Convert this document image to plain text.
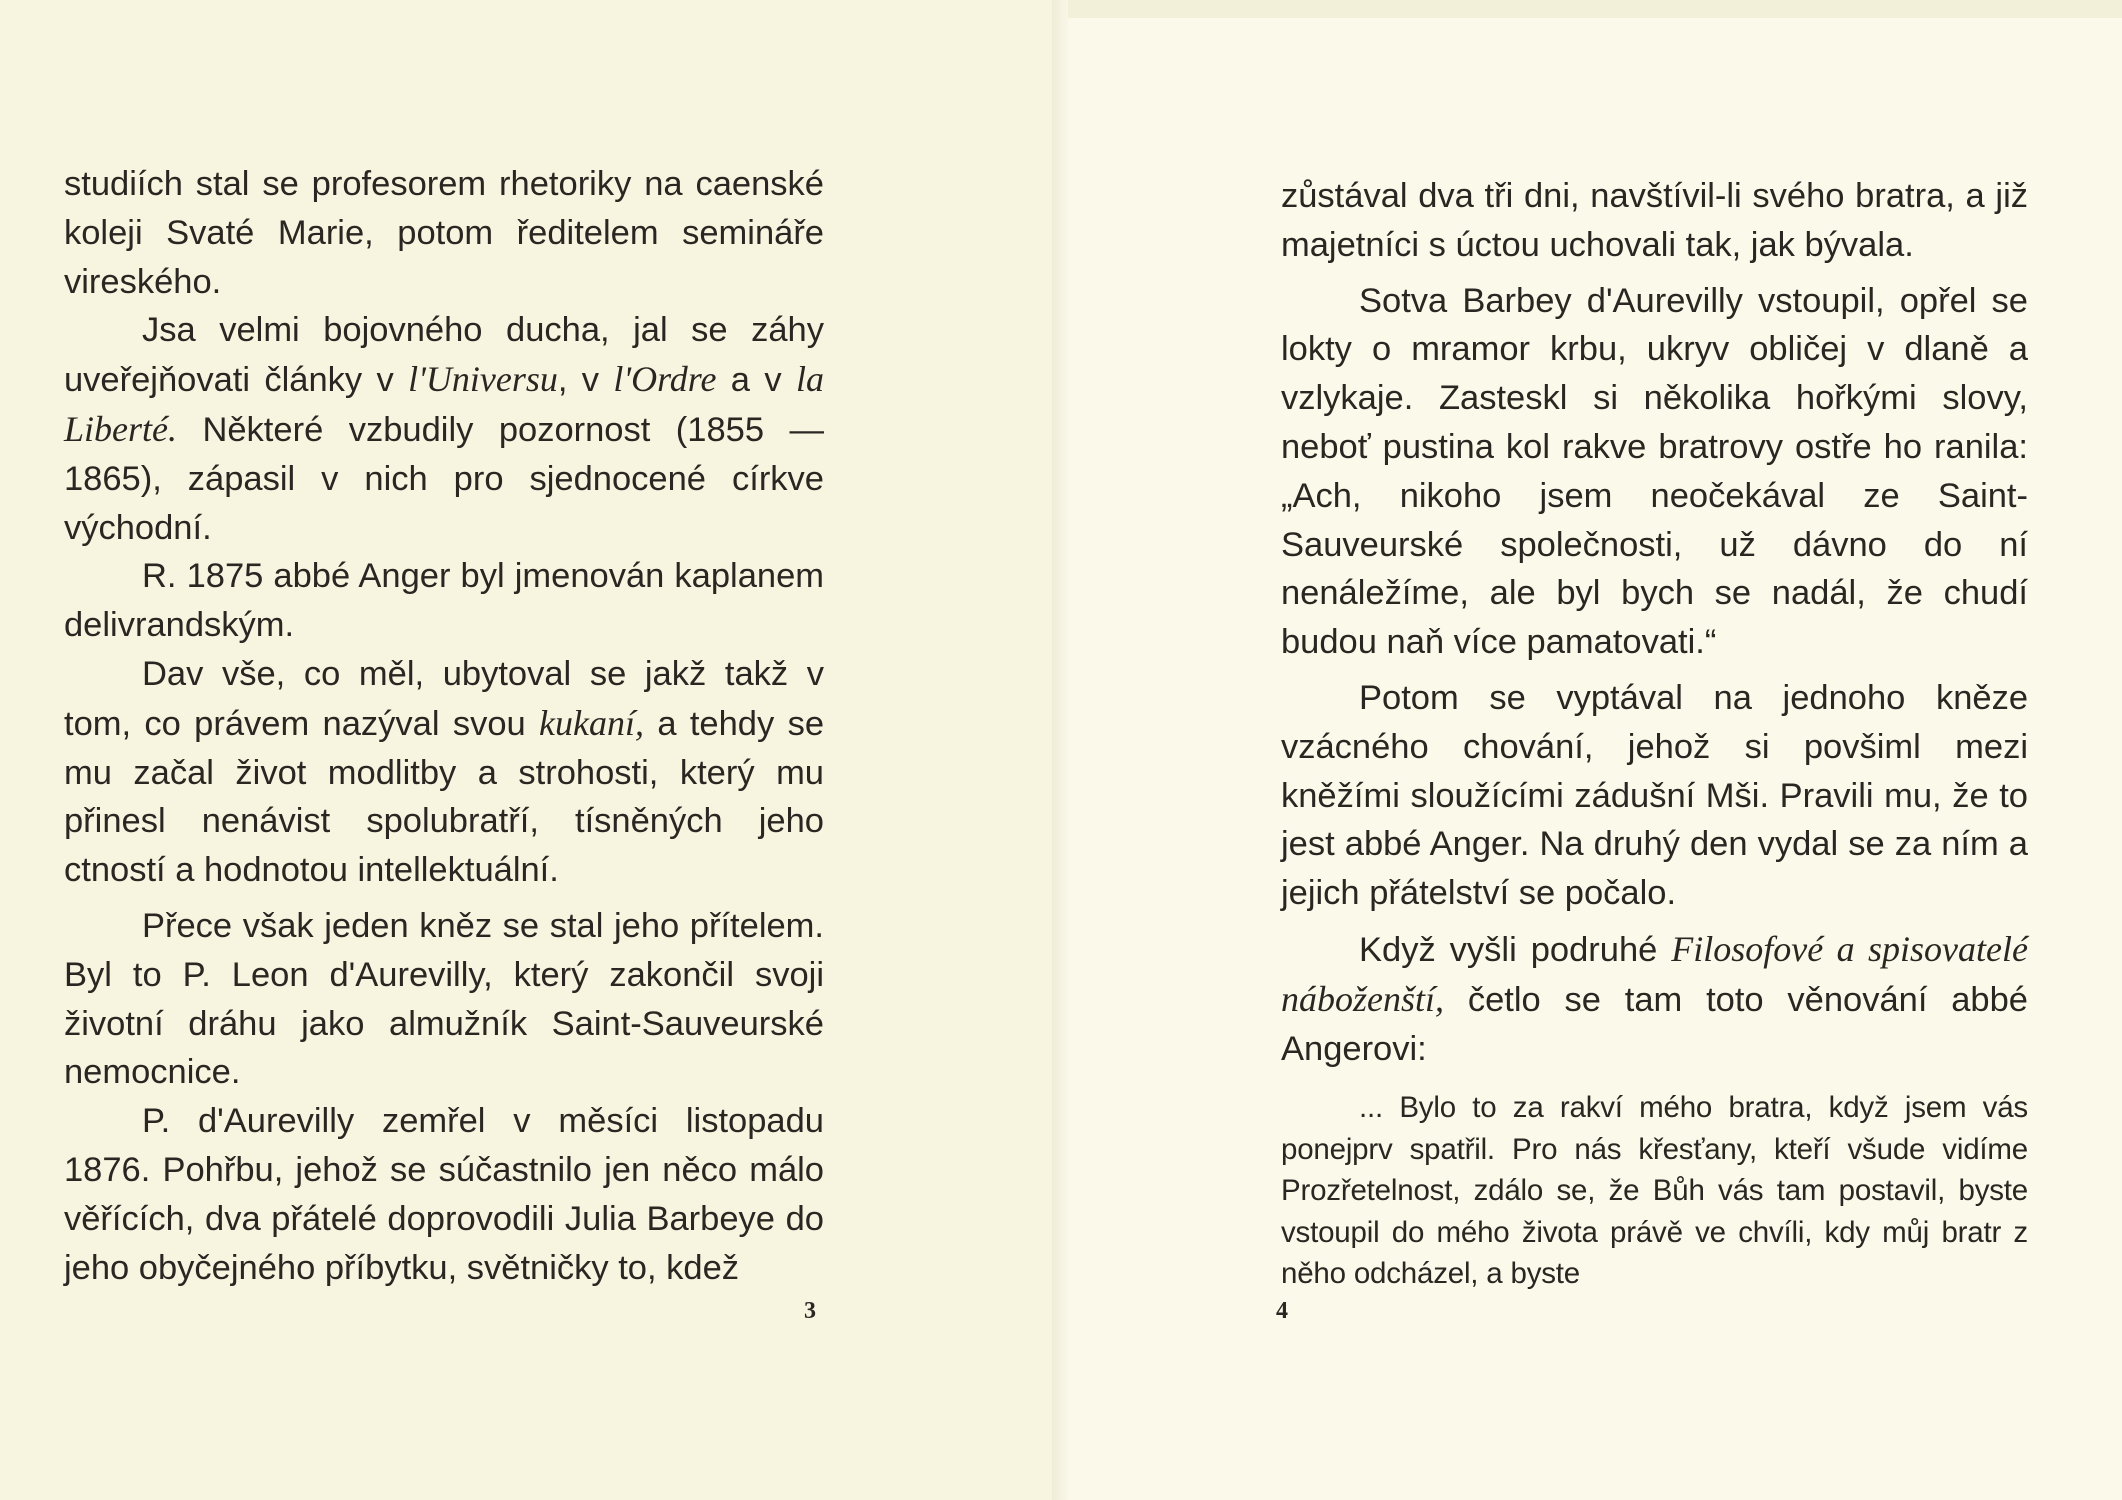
studiích stal se profesorem rhetoriky na caenské koleji Svaté Marie, potom ředitelem semináře vireského.

Jsa velmi bojovného ducha, jal se záhy uveřejňovati články v l'Universu, v l'Ordre a v la Liberté. Některé vzbudily pozornost (1855 —1865), zápasil v nich pro sjednocené církve východní.

R. 1875 abbé Anger byl jmenován kaplanem delivrandským.

Dav vše, co měl, ubytoval se jakž takž v tom, co právem nazýval svou kukaní, a tehdy se mu začal život modlitby a strohosti, který mu přinesl nenávist spolubratří, tísněných jeho ctností a hodnotou intellektuální.

Přece však jeden kněz se stal jeho přítelem. Byl to P. Leon d'Aurevilly, který zakončil svoji životní dráhu jako almužník Saint-Sauveurské nemocnice.

P. d'Aurevilly zemřel v měsíci listopadu 1876. Pohřbu, jehož se súčastnilo jen něco málo věřících, dva přátelé doprovodili Julia Barbeye do jeho obyčejného příbytku, světničky to, kdež

3

zůstával dva tři dni, navštívil-li svého bratra, a již majetníci s úctou uchovali tak, jak bývala.

Sotva Barbey d'Aurevilly vstoupil, opřel se lokty o mramor krbu, ukryv obličej v dlaně a vzlykaje. Zasteskl si několika hořkými slovy, neboť pustina kol rakve bratrovy ostře ho ranila: „Ach, nikoho jsem neočekával ze Saint-Sauveurské společnosti, už dávno do ní nenáležíme, ale byl bych se nadál, že chudí budou naň více pamatovati.“

Potom se vyptával na jednoho kněze vzácného chování, jehož si povšiml mezi kněžími sloužícími zádušní Mši. Pravili mu, že to jest abbé Anger. Na druhý den vydal se za ním a jejich přátelství se počalo.

Když vyšli podruhé Filosofové a spisovatelé náboženští, četlo se tam toto věnování abbé Angerovi:

... Bylo to za rakví mého bratra, když jsem vás ponejprv spatřil. Pro nás křesťany, kteří všude vidíme Prozřetelnost, zdálo se, že Bůh vás tam postavil, byste vstoupil do mého života právě ve chvíli, kdy můj bratr z něho odcházel, a byste

4
